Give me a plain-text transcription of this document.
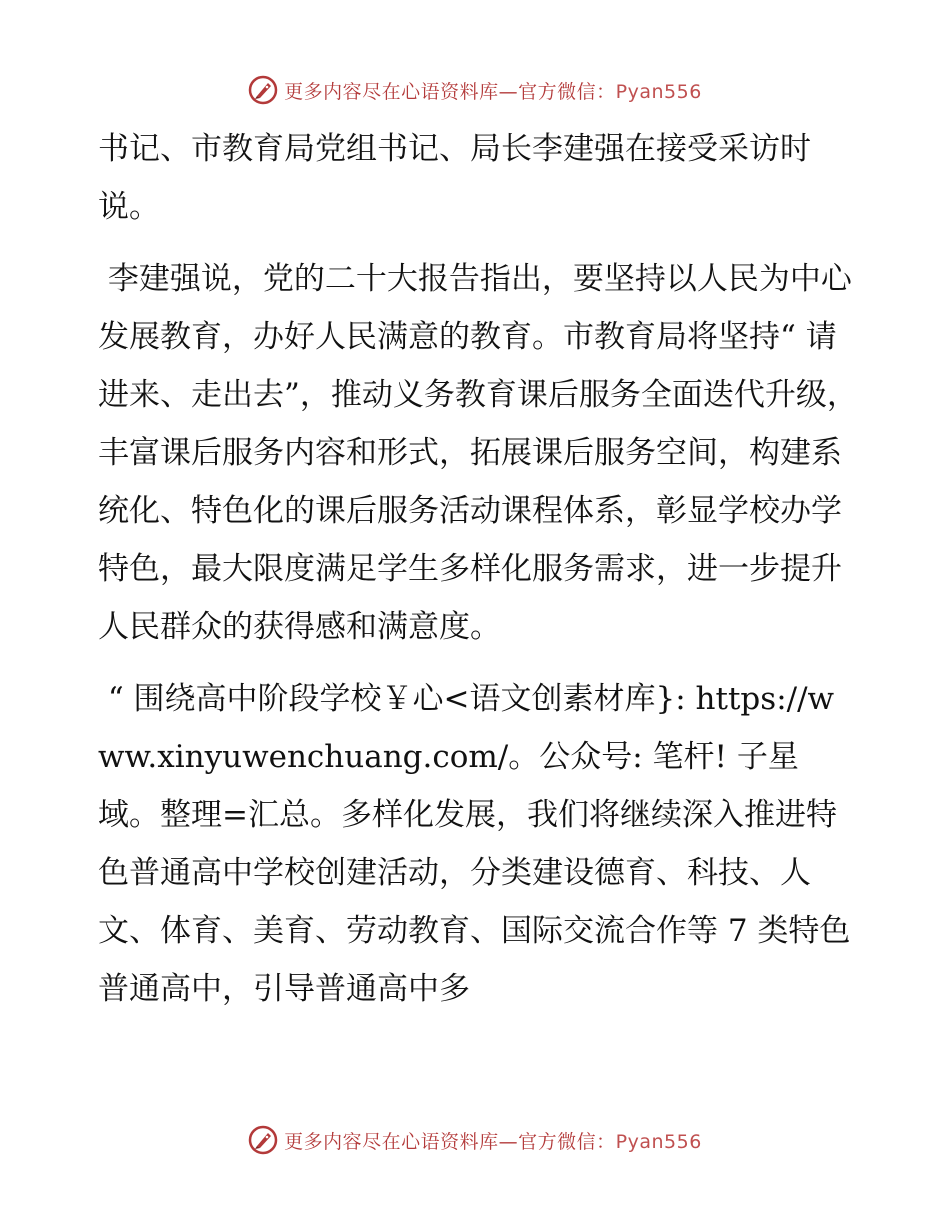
更多内容尽在心语资料库—官方微信：Pyan556

书记、市教育局党组书记、局长李建强在接受采访时说。

李建强说，党的二十大报告指出，要坚持以人民为中心发展教育，办好人民满意的教育。市教育局将坚持“ 请进来、走出去”，推动义务教育课后服务全面迭代升级，丰富课后服务内容和形式，拓展课后服务空间，构建系统化、特色化的课后服务活动课程体系，彰显学校办学特色，最大限度满足学生多样化服务需求，进一步提升人民群众的获得感和满意度。

“ 围绕高中阶段学校￥心<语文创素材库}: https://www.xinyuwenchuang.com/。公众号: 笔杆! 子星域。整理=汇总。多样化发展，我们将继续深入推进特色普通高中学校创建活动，分类建设德育、科技、人文、体育、美育、劳动教育、国际交流合作等 7 类特色普通高中，引导普通高中多

更多内容尽在心语资料库—官方微信：Pyan556
